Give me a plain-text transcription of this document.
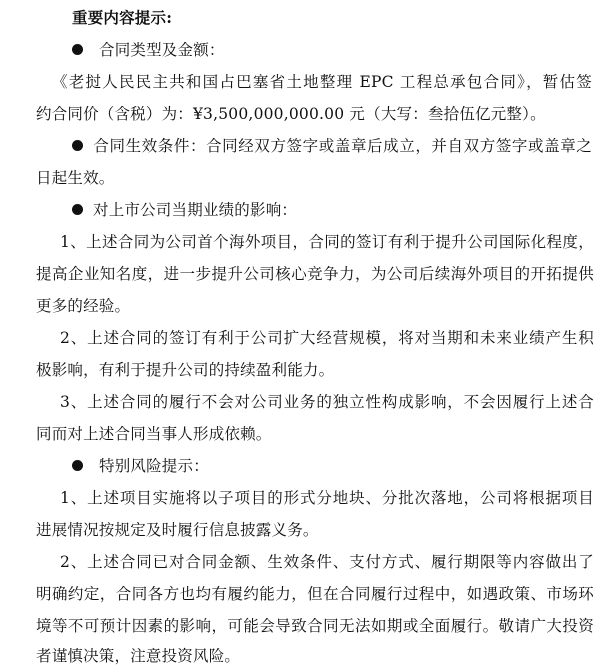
重要内容提示:
合同类型及金额：
《老挝人民民主共和国占巴塞省土地整理 EPC 工程总承包合同》，暂估签
约合同价（含税）为：¥3,500,000,000.00 元（大写：叁拾伍亿元整）。
合同生效条件：合同经双方签字或盖章后成立，并自双方签字或盖章之
日起生效。
对上市公司当期业绩的影响：
1、上述合同为公司首个海外项目，合同的签订有利于提升公司国际化程度，
提高企业知名度，进一步提升公司核心竞争力，为公司后续海外项目的开拓提供
更多的经验。
2、上述合同的签订有利于公司扩大经营规模，将对当期和未来业绩产生积
极影响，有利于提升公司的持续盈利能力。
3、上述合同的履行不会对公司业务的独立性构成影响，不会因履行上述合
同而对上述合同当事人形成依赖。
特别风险提示：
1、上述项目实施将以子项目的形式分地块、分批次落地，公司将根据项目
进展情况按规定及时履行信息披露义务。
2、上述合同已对合同金额、生效条件、支付方式、履行期限等内容做出了
明确约定，合同各方也均有履约能力，但在合同履行过程中，如遇政策、市场环
境等不可预计因素的影响，可能会导致合同无法如期或全面履行。敬请广大投资
者谨慎决策，注意投资风险。
